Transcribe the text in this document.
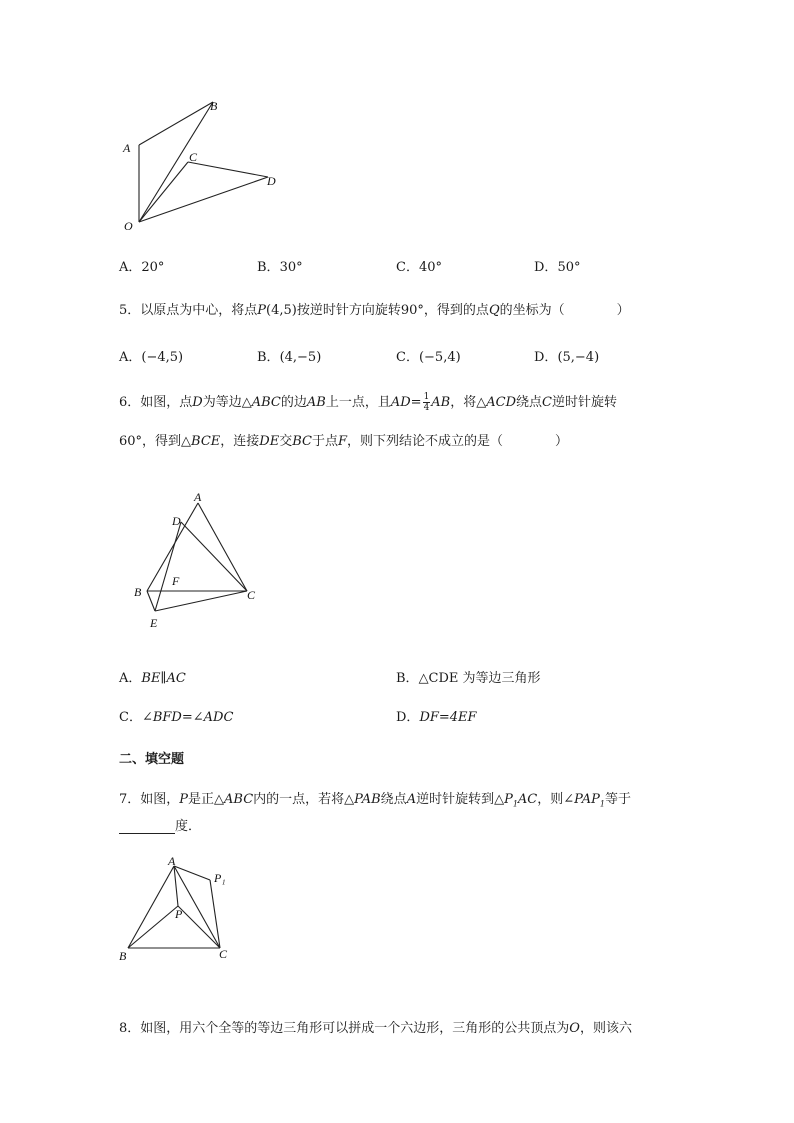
A
B
C
D
O
A．20°	B．30°	C．40°	D．50°
5．以原点为中心，将点P(4,5)按逆时针方向旋转90°，得到的点Q的坐标为（　　　　）
A．(−4,5)	B．(4,−5)	C．(−5,4)	D．(5,−4)
6．如图，点D为等边△ABC的边AB上一点，且$AD= \frac{1}{4}$ AB，将△ACD绕点C逆时针旋转
60°，得到△BCE，连接DE交BC于点F，则下列结论不成立的是（　　　　）
A
D
B
F
C
E
A．BE∥AC	B．△CDE 为等边三角形
C．∠BFD=∠ADC	D．DF=4EF
二、填空题
7．如图，P是正△ABC内的一点，若将△PAB绕点A逆时针旋转到$\triangle P_1AC$，则$\angle PAP_1$等于
度．
A
P₁
P
B	C
8．如图，用六个全等的等边三角形可以拼成一个六边形，三角形的公共顶点为O，则该六
